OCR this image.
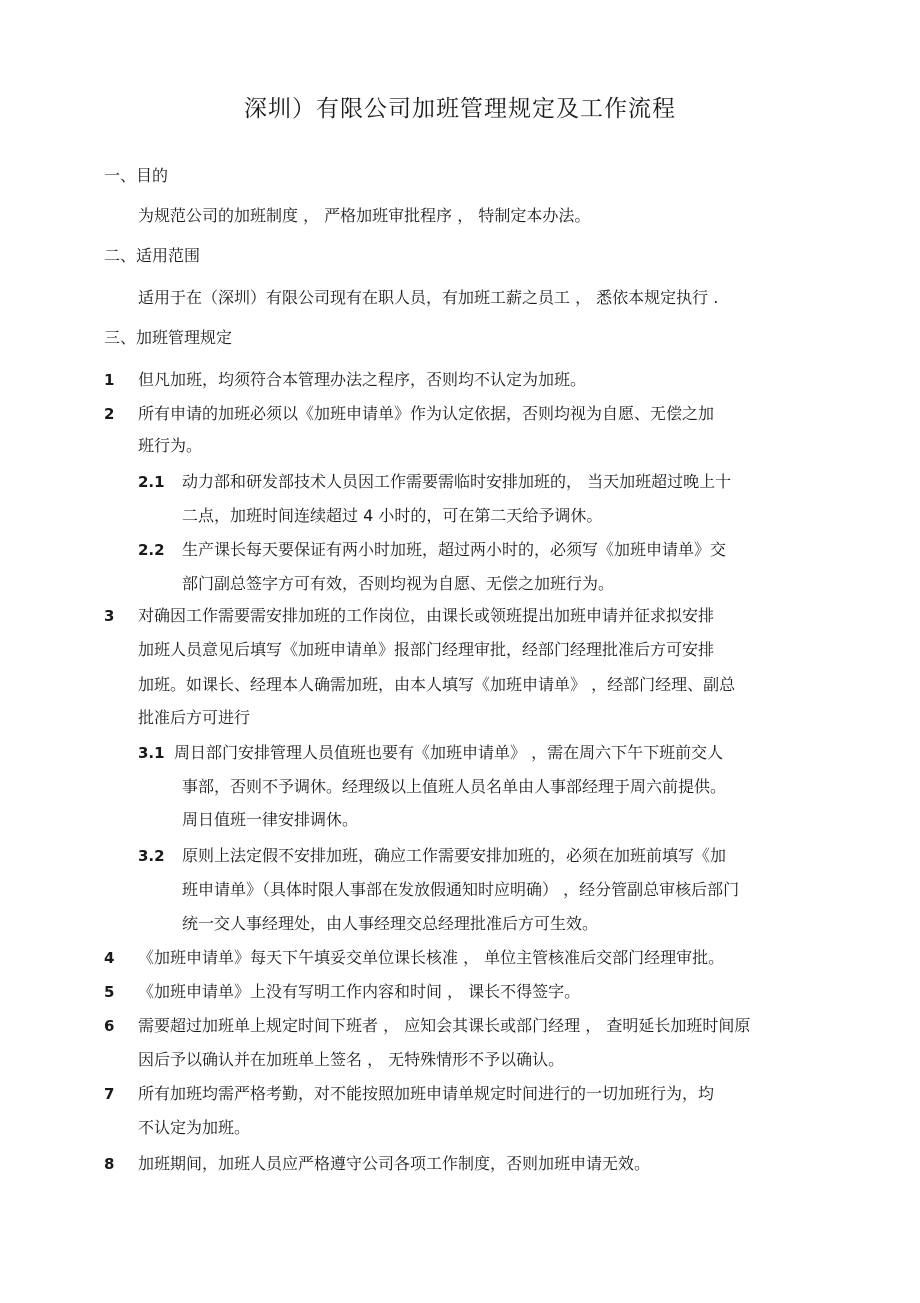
深圳）有限公司加班管理规定及工作流程
一、目的
为规范公司的加班制度 ， 严格加班审批程序 ， 特制定本办法。
二、适用范围
适用于在（深圳）有限公司现有在职人员，有加班工薪之员工 ， 悉依本规定执行 .
三、加班管理规定
1 但凡加班，均须符合本管理办法之程序，否则均不认定为加班。
2 所有申请的加班必须以《加班申请单》作为认定依据，否则均视为自愿、无偿之加
班行为。
2.1 动力部和研发部技术人员因工作需要需临时安排加班的， 当天加班超过晚上十
二点，加班时间连续超过 4 小时的，可在第二天给予调休。
2.2 生产课长每天要保证有两小时加班，超过两小时的，必须写《加班申请单》交
部门副总签字方可有效，否则均视为自愿、无偿之加班行为。
3 对确因工作需要需安排加班的工作岗位，由课长或领班提出加班申请并征求拟安排
加班人员意见后填写《加班申请单》报部门经理审批，经部门经理批准后方可安排
加班。如课长、经理本人确需加班，由本人填写《加班申请单》 ，经部门经理、副总
批准后方可进行
3.1 周日部门安排管理人员值班也要有《加班申请单》 ，需在周六下午下班前交人
事部，否则不予调休。经理级以上值班人员名单由人事部经理于周六前提供。
周日值班一律安排调休。
3.2 原则上法定假不安排加班，确应工作需要安排加班的，必须在加班前填写《加
班申请单》（具体时限人事部在发放假通知时应明确） ，经分管副总审核后部门
统一交人事经理处，由人事经理交总经理批准后方可生效。
4 《加班申请单》每天下午填妥交单位课长核准 ， 单位主管核准后交部门经理审批。
5 《加班申请单》上没有写明工作内容和时间 ， 课长不得签字。
6 需要超过加班单上规定时间下班者 ， 应知会其课长或部门经理 ， 查明延长加班时间原
因后予以确认并在加班单上签名 ， 无特殊情形不予以确认。
7 所有加班均需严格考勤，对不能按照加班申请单规定时间进行的一切加班行为，均
不认定为加班。
8 加班期间，加班人员应严格遵守公司各项工作制度，否则加班申请无效。
